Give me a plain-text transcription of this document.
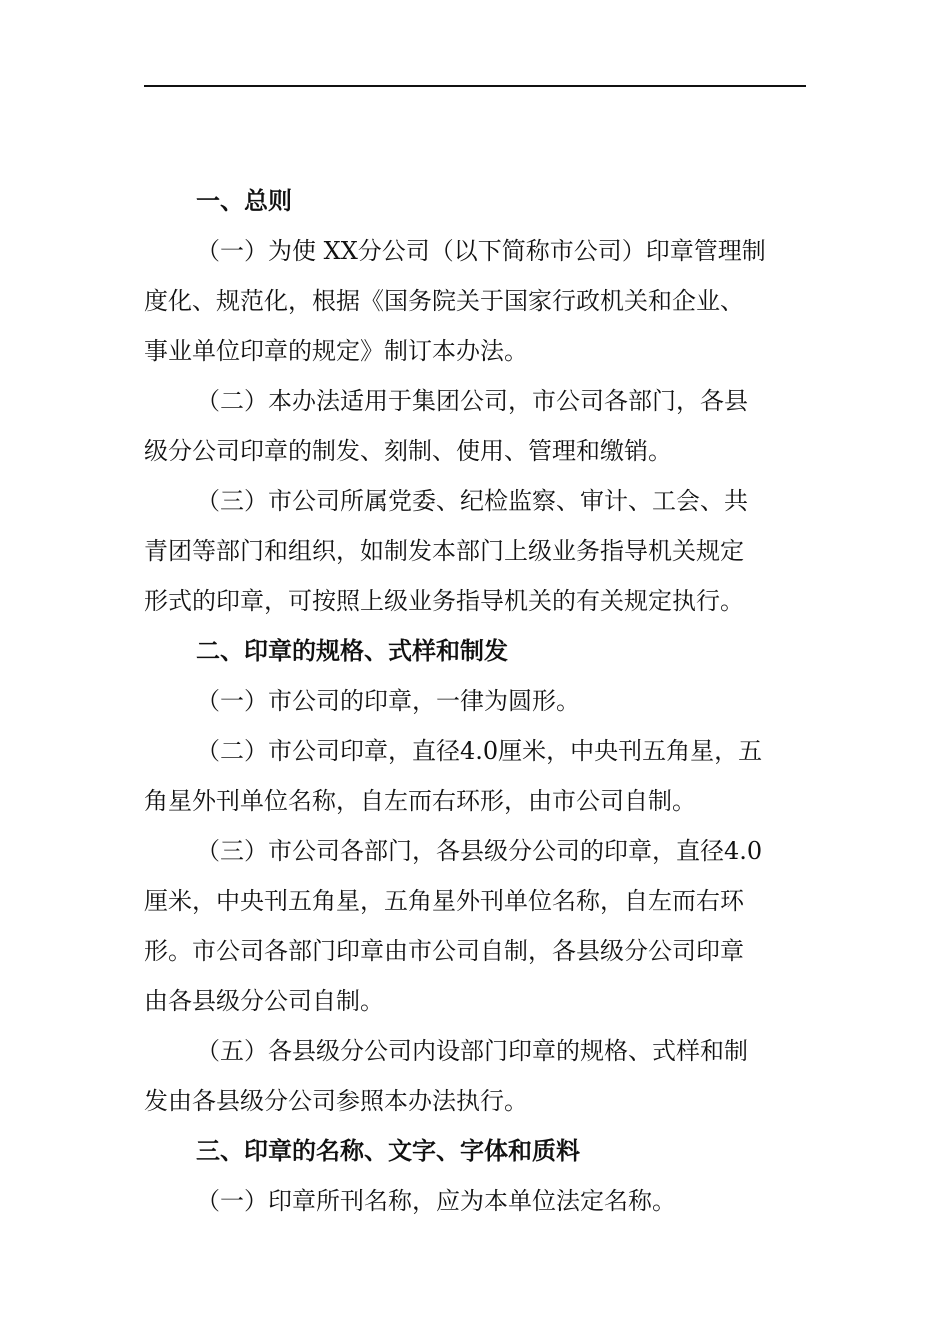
一、总则
（一）为使 XX分公司（以下简称市公司）印章管理制
度化、规范化，根据《国务院关于国家行政机关和企业、
事业单位印章的规定》制订本办法。
（二）本办法适用于集团公司，市公司各部门，各县
级分公司印章的制发、刻制、使用、管理和缴销。
（三）市公司所属党委、纪检监察、审计、工会、共
青团等部门和组织，如制发本部门上级业务指导机关规定
形式的印章，可按照上级业务指导机关的有关规定执行。
二、印章的规格、式样和制发
（一）市公司的印章，一律为圆形。
（二）市公司印章，直径4.0厘米，中央刊五角星，五
角星外刊单位名称，自左而右环形，由市公司自制。
（三）市公司各部门，各县级分公司的印章，直径4.0
厘米，中央刊五角星，五角星外刊单位名称，自左而右环
形。市公司各部门印章由市公司自制，各县级分公司印章
由各县级分公司自制。
（五）各县级分公司内设部门印章的规格、式样和制
发由各县级分公司参照本办法执行。
三、印章的名称、文字、字体和质料
（一）印章所刊名称，应为本单位法定名称。
